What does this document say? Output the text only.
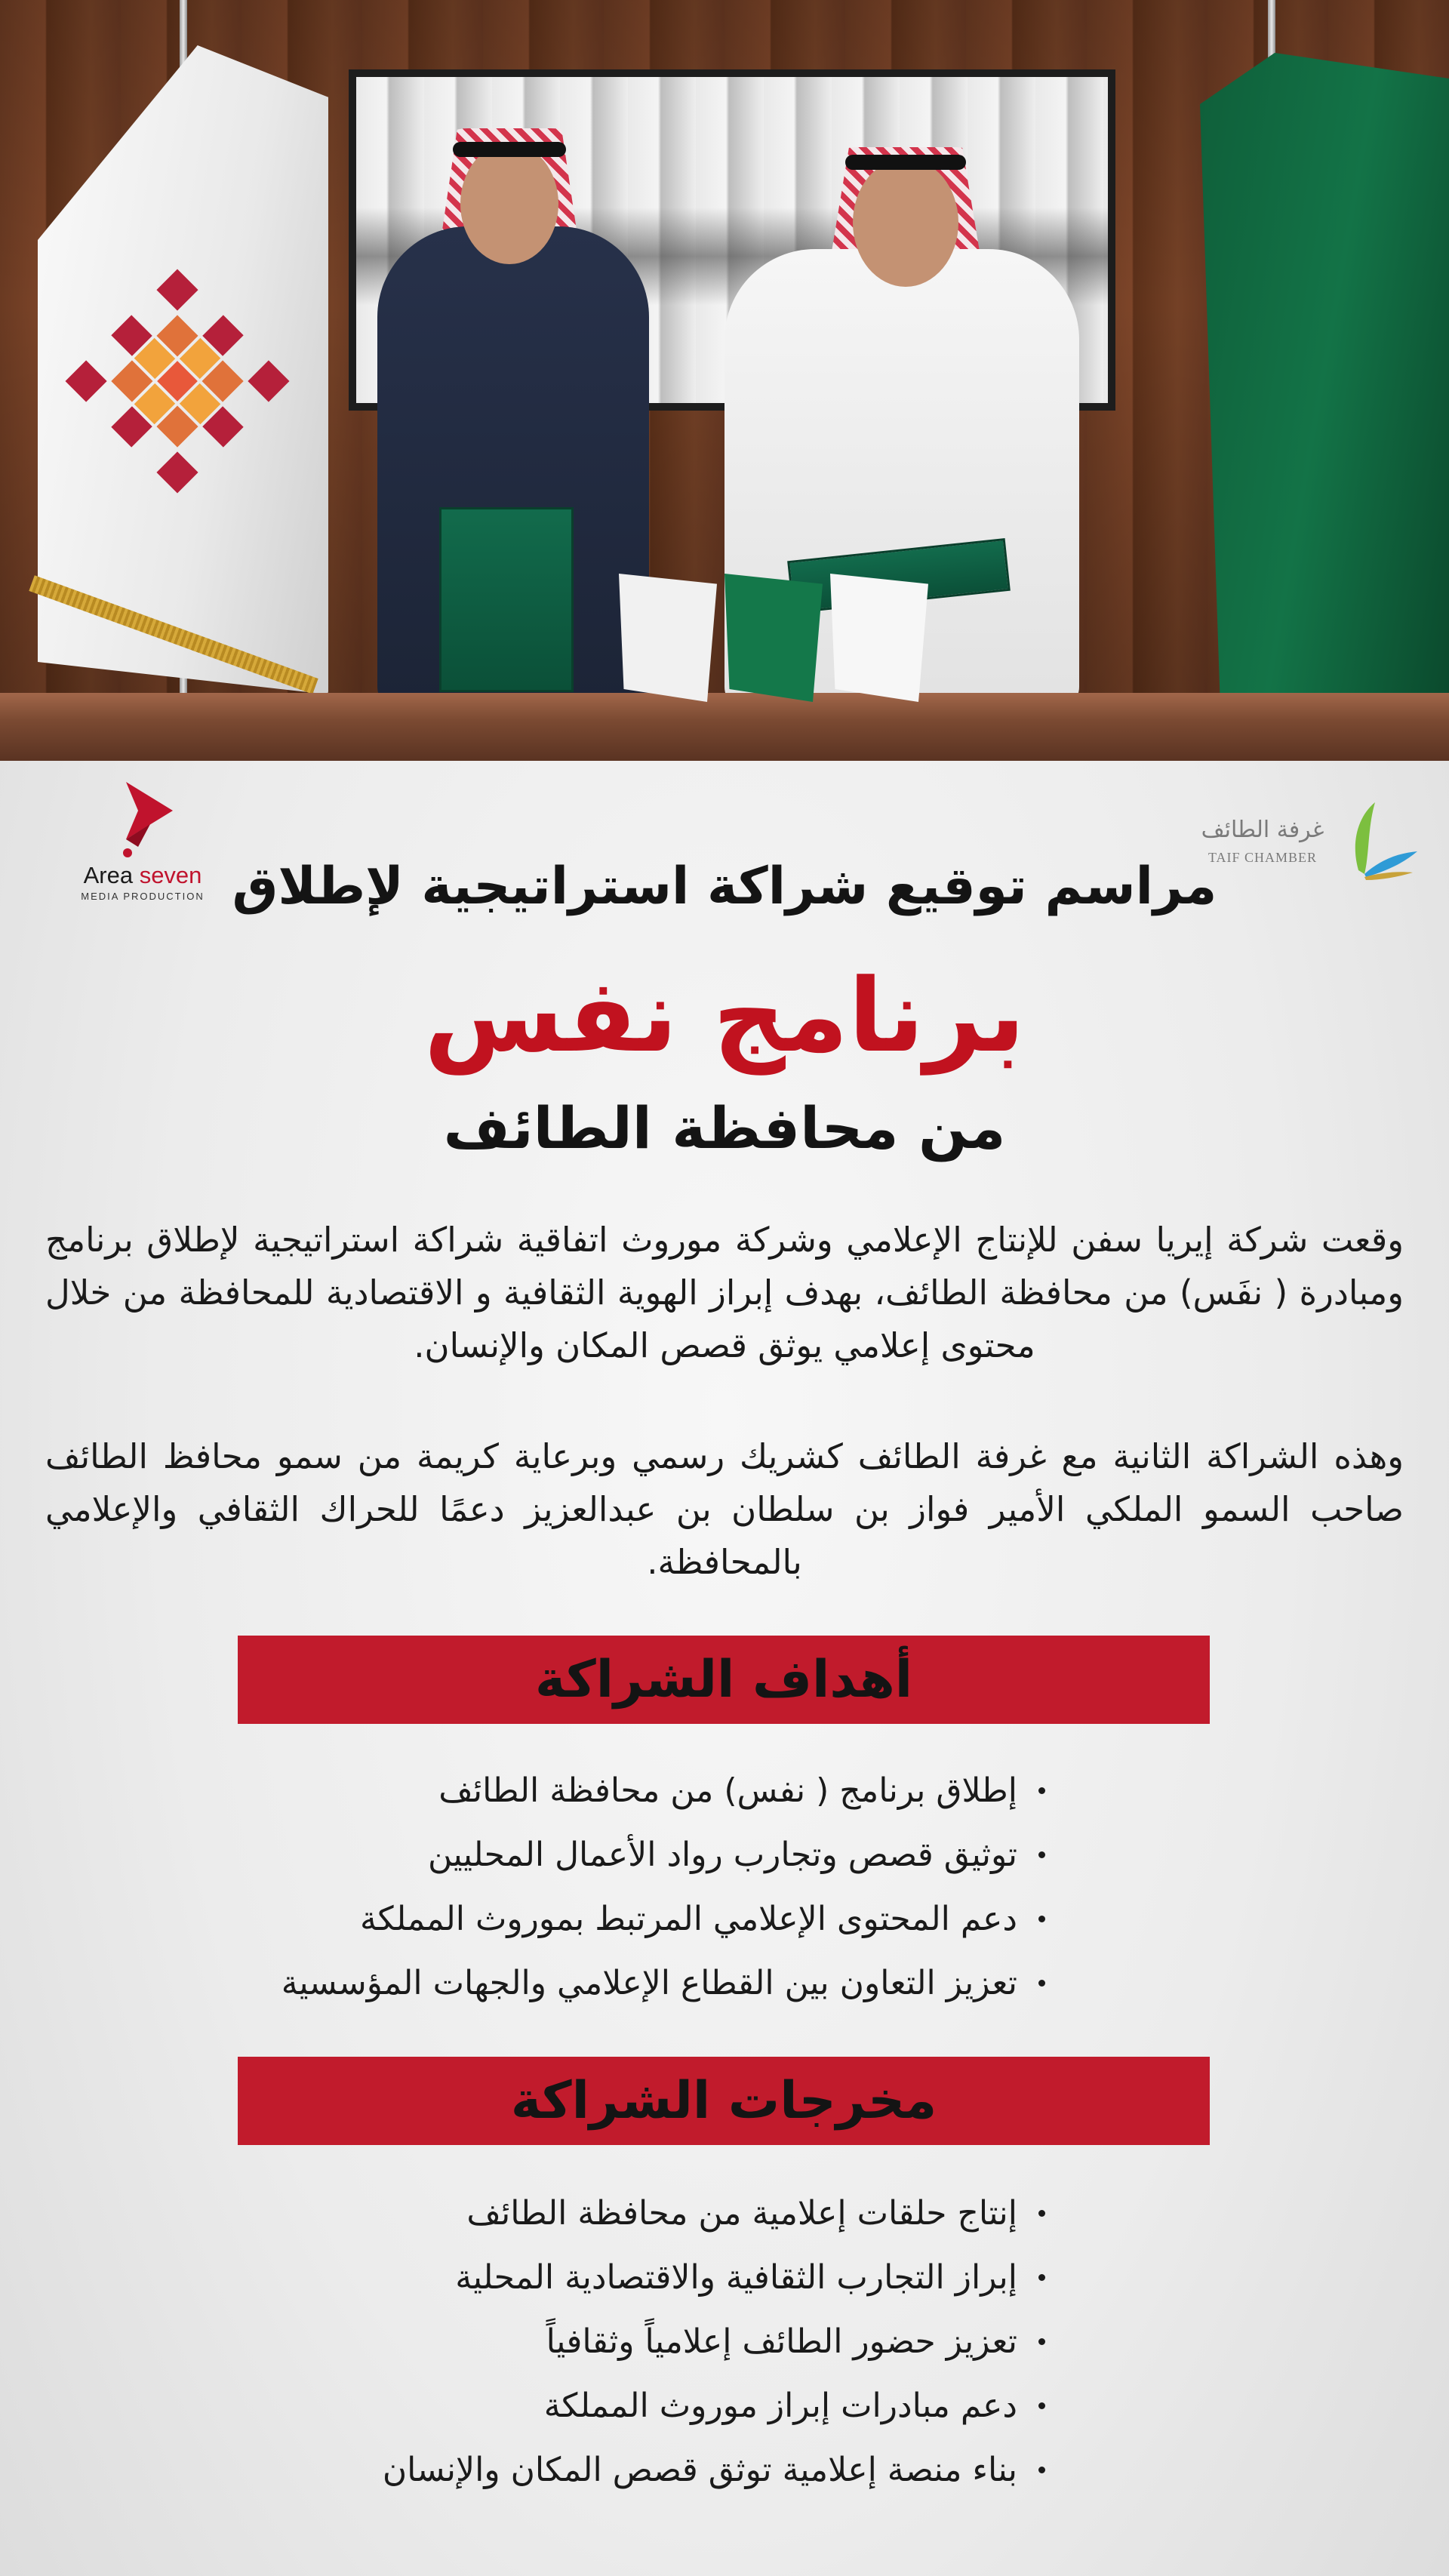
Area seven
MEDIA PRODUCTION
غرفة الطائف
TAIF CHAMBER
مراسم توقيع شراكة استراتيجية لإطلاق
برنامج نفس
من محافظة الطائف

وقعت شركة إيريا سفن للإنتاج الإعلامي وشركة موروث اتفاقية شراكة استراتيجية لإطلاق برنامج ومبادرة ( نفَس) من محافظة الطائف، بهدف إبراز الهوية الثقافية و الاقتصادية للمحافظة من خلال محتوى إعلامي يوثق قصص المكان والإنسان.

وهذه الشراكة الثانية مع غرفة الطائف كشريك رسمي وبرعاية كريمة من سمو محافظ الطائف صاحب السمو الملكي الأمير فواز بن سلطان بن عبدالعزيز دعمًا للحراك الثقافي والإعلامي بالمحافظة.

أهداف الشراكة
إطلاق برنامج ( نفس) من محافظة الطائف
توثيق قصص وتجارب رواد الأعمال المحليين
دعم المحتوى الإعلامي المرتبط بموروث المملكة
تعزيز التعاون بين القطاع الإعلامي والجهات المؤسسية
مخرجات الشراكة
إنتاج حلقات إعلامية من محافظة الطائف
إبراز التجارب الثقافية والاقتصادية المحلية
تعزيز حضور الطائف إعلامياً وثقافياً
دعم مبادرات إبراز موروث المملكة
بناء منصة إعلامية توثق قصص المكان والإنسان
